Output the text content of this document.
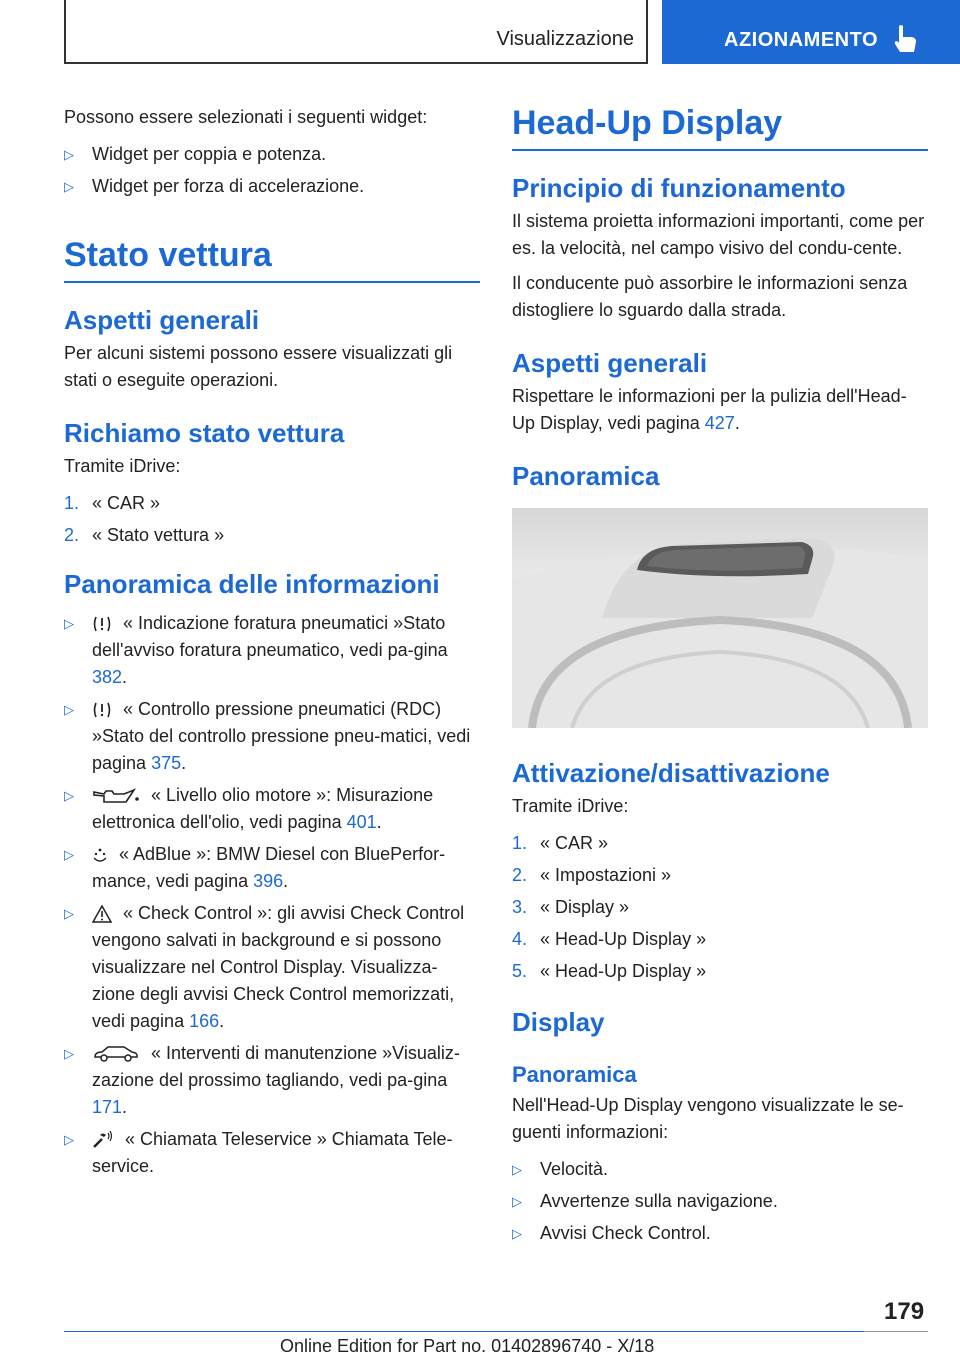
Visualizzazione	AZIONAMENTO

Possono essere selezionati i seguenti widget:

▷ Widget per coppia e potenza.
▷ Widget per forza di accelerazione.
Stato vettura
Aspetti generali

Per alcuni sistemi possono essere visualizzati gli stati o eseguite operazioni.

Richiamo stato vettura

Tramite iDrive:

1. « CAR »
2. « Stato vettura »
Panoramica delle informazioni
▷	« Indicazione foratura pneumatici »Stato dell'avviso foratura pneumatico, vedi pa-gina 382.
▷	« Controllo pressione pneumatici (RDC) »Stato del controllo pressione pneu-matici, vedi pagina 375.
▷	« Livello olio motore »: Misurazione elettronica dell'olio, vedi pagina 401.
▷	« AdBlue »: BMW Diesel con BluePerfor-mance, vedi pagina 396.
▷	« Check Control »: gli avvisi Check Control vengono salvati in background e si possono visualizzare nel Control Display. Visualizza-zione degli avvisi Check Control memorizzati, vedi pagina 166.
▷	« Interventi di manutenzione »Visualiz-zazione del prossimo tagliando, vedi pa-gina 171.
▷	« Chiamata Teleservice » Chiamata Tele-service.
Head-Up Display
Principio di funzionamento

Il sistema proietta informazioni importanti, come per es. la velocità, nel campo visivo del condu-cente.

Il conducente può assorbire le informazioni senza distogliere lo sguardo dalla strada.

Aspetti generali

Rispettare le informazioni per la pulizia dell'Head-Up Display, vedi pagina 427.

Panoramica
Attivazione/disattivazione

Tramite iDrive:

1. « CAR »
2. « Impostazioni »
3. « Display »
4. « Head-Up Display »
5. « Head-Up Display »
Display
Panoramica

Nell'Head-Up Display vengono visualizzate le se-guenti informazioni:

▷ Velocità.
▷ Avvertenze sulla navigazione.
▷ Avvisi Check Control.
179
Online Edition for Part no. 01402896740 - X/18
